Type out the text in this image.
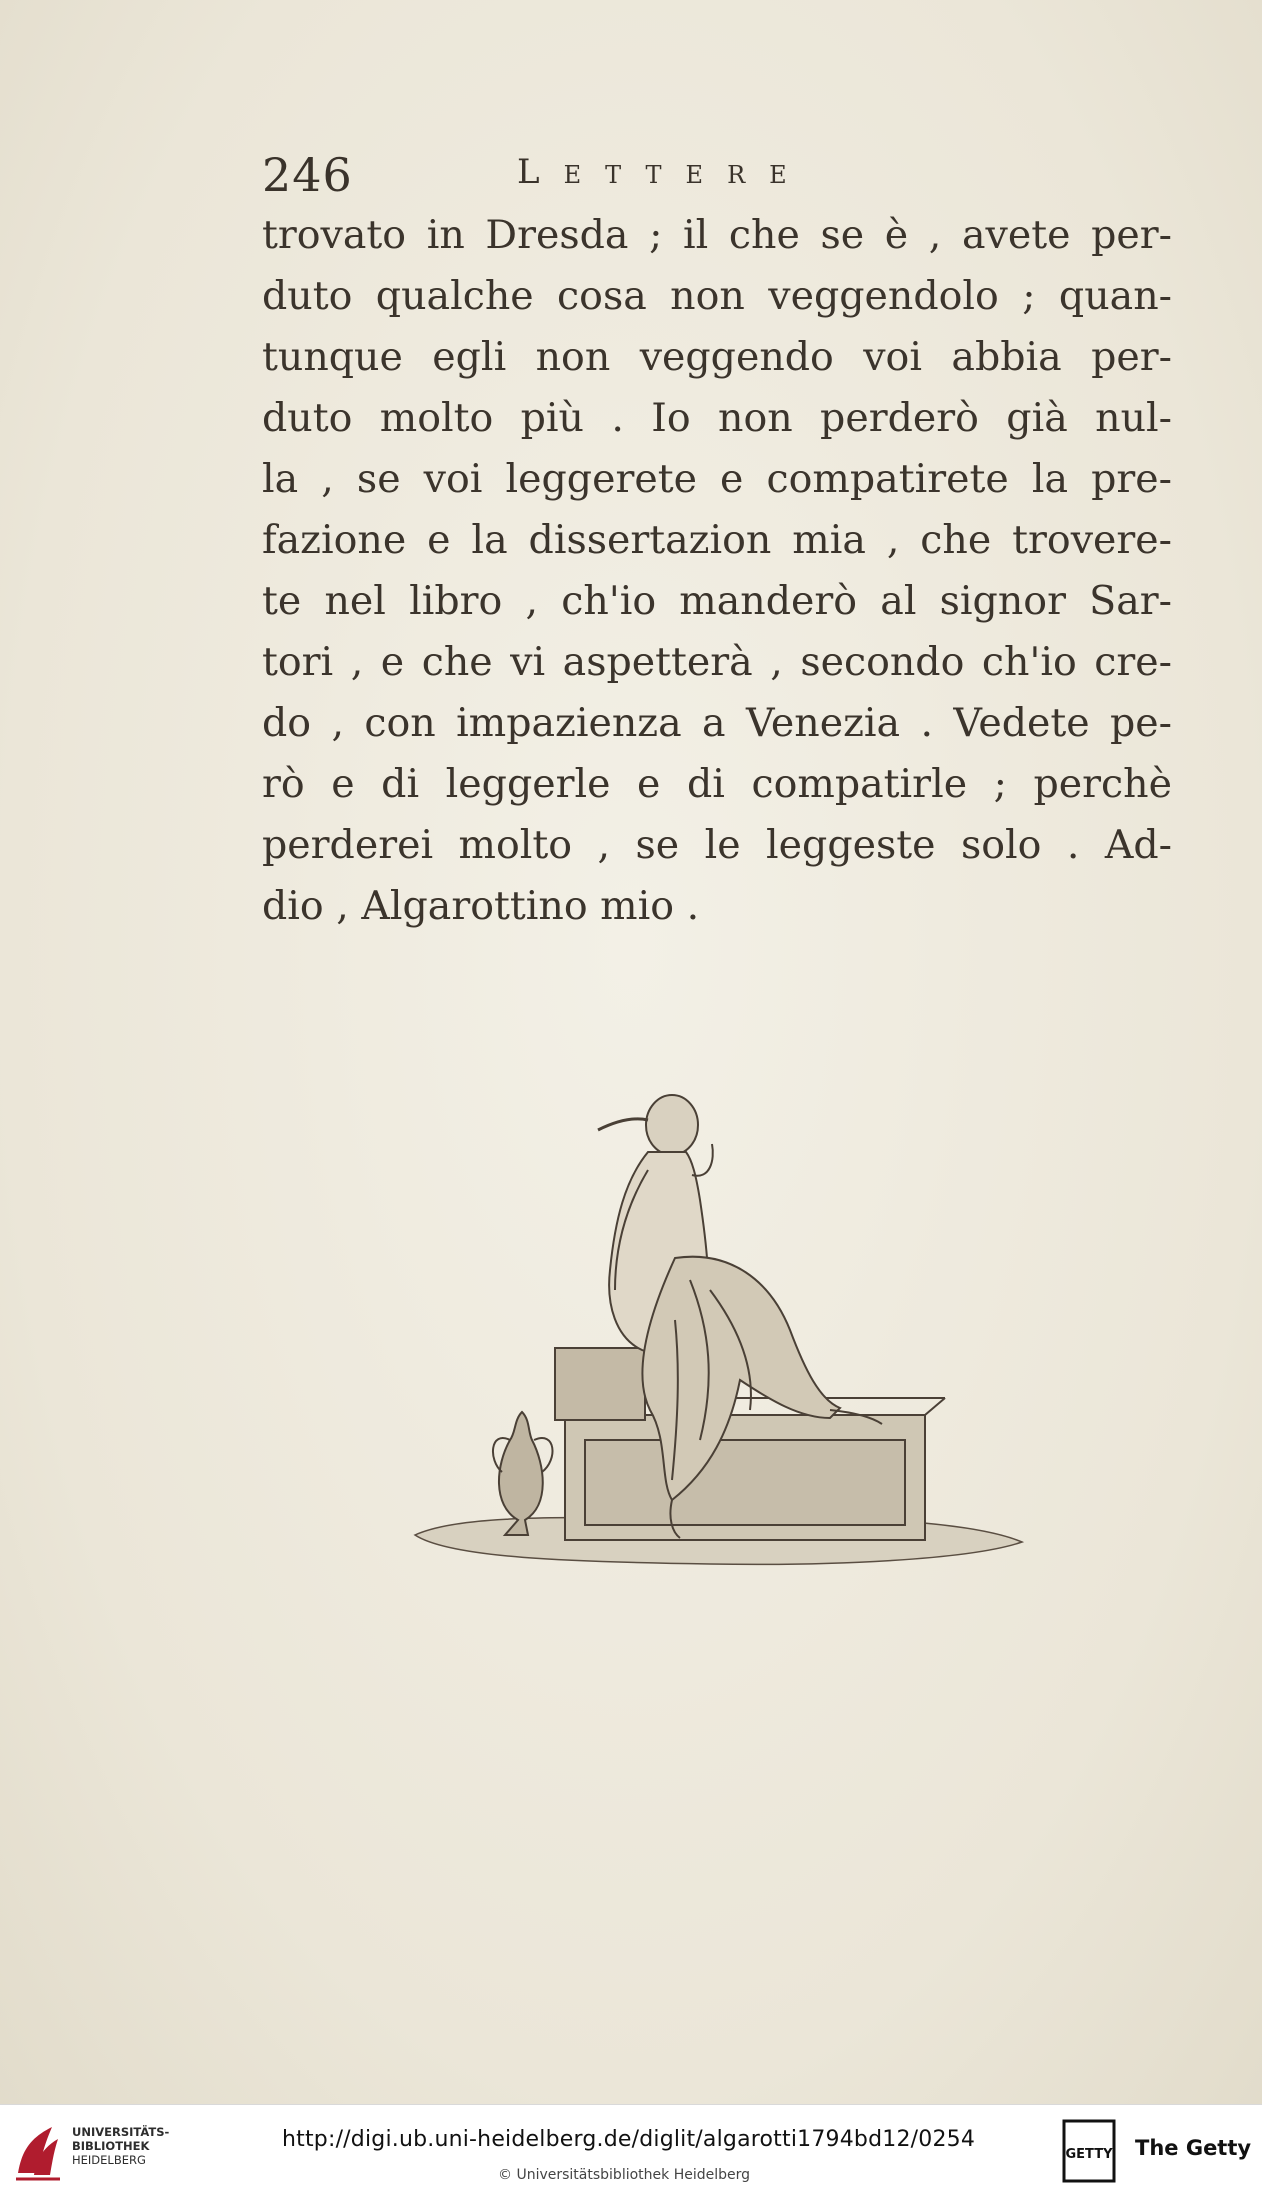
246	Lettere
trovato in Dresda ; il che se è , avete per-
duto qualche cosa non veggendolo ; quan-
tunque egli non veggendo voi abbia per-
duto molto più . Io non perderò già nul-
la , se voi leggerete e compatirete la pre-
fazione e la dissertazion mia , che trovere-
te nel libro , ch'io manderò al signor Sar-
tori , e che vi aspetterà , secondo ch'io cre-
do , con impazienza a Venezia . Vedete pe-
rò e di leggerle e di compatirle ; perchè
perderei molto , se le leggeste solo . Ad-
dio , Algarottino mio .
UNIVERSITÄTS-
BIBLIOTHEK
HEIDELBERG
http://digi.ub.uni-heidelberg.de/diglit/algarotti1794bd12/0254
© Universitätsbibliothek Heidelberg
GETTY The Getty
